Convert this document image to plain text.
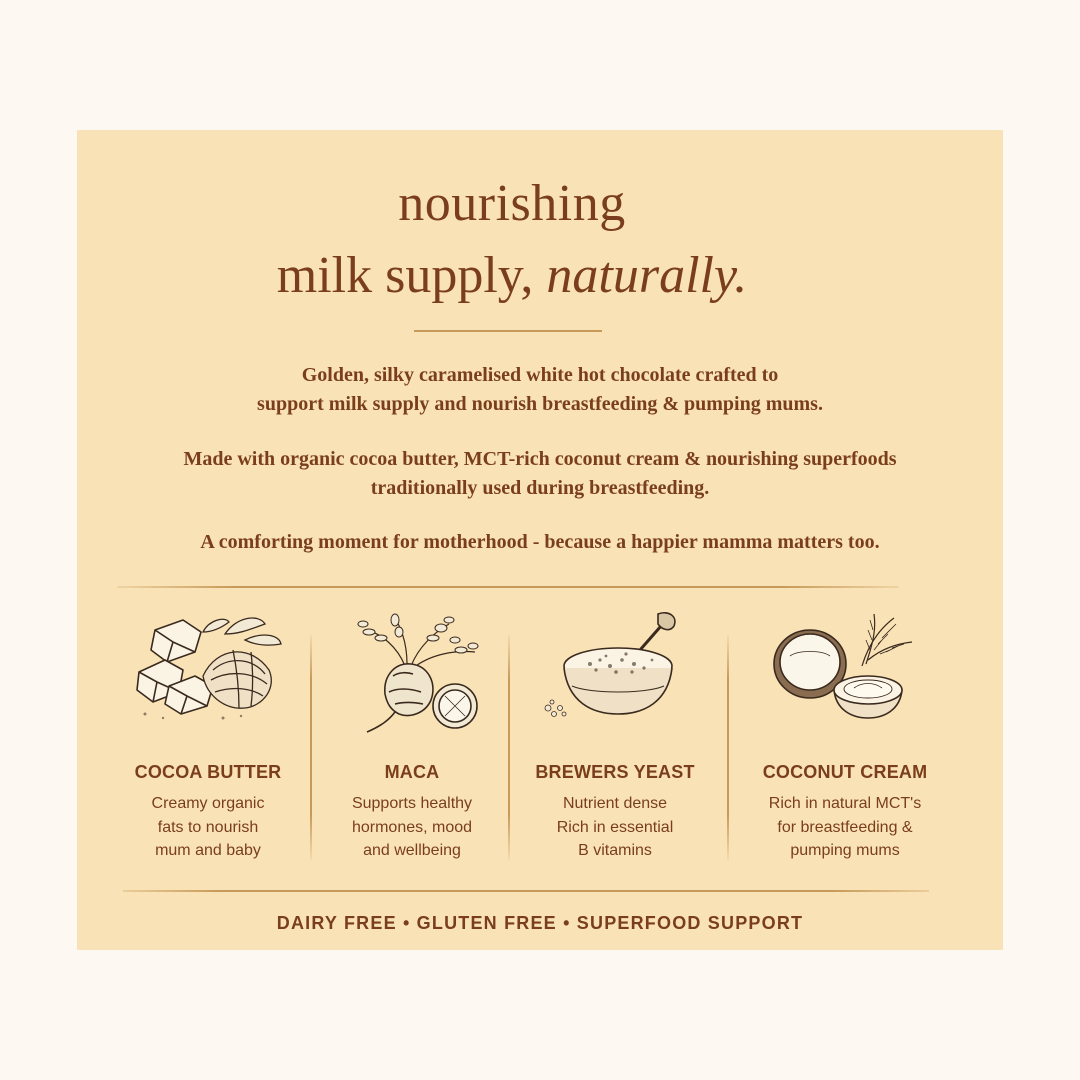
nourishing
milk supply, naturally.

Golden, silky caramelised white hot chocolate crafted to
support milk supply and nourish breastfeeding & pumping mums.

Made with organic cocoa butter, MCT-rich coconut cream & nourishing superfoods
traditionally used during breastfeeding.

A comforting moment for motherhood - because a happier mamma matters too.

COCOA BUTTER
Creamy organic
fats to nourish
mum and baby
MACA
Supports healthy
hormones, mood
and wellbeing
BREWERS YEAST
Nutrient dense
Rich in essential
B vitamins
COCONUT CREAM
Rich in natural MCT's
for breastfeeding &
pumping mums
DAIRY FREE • GLUTEN FREE • SUPERFOOD SUPPORT
